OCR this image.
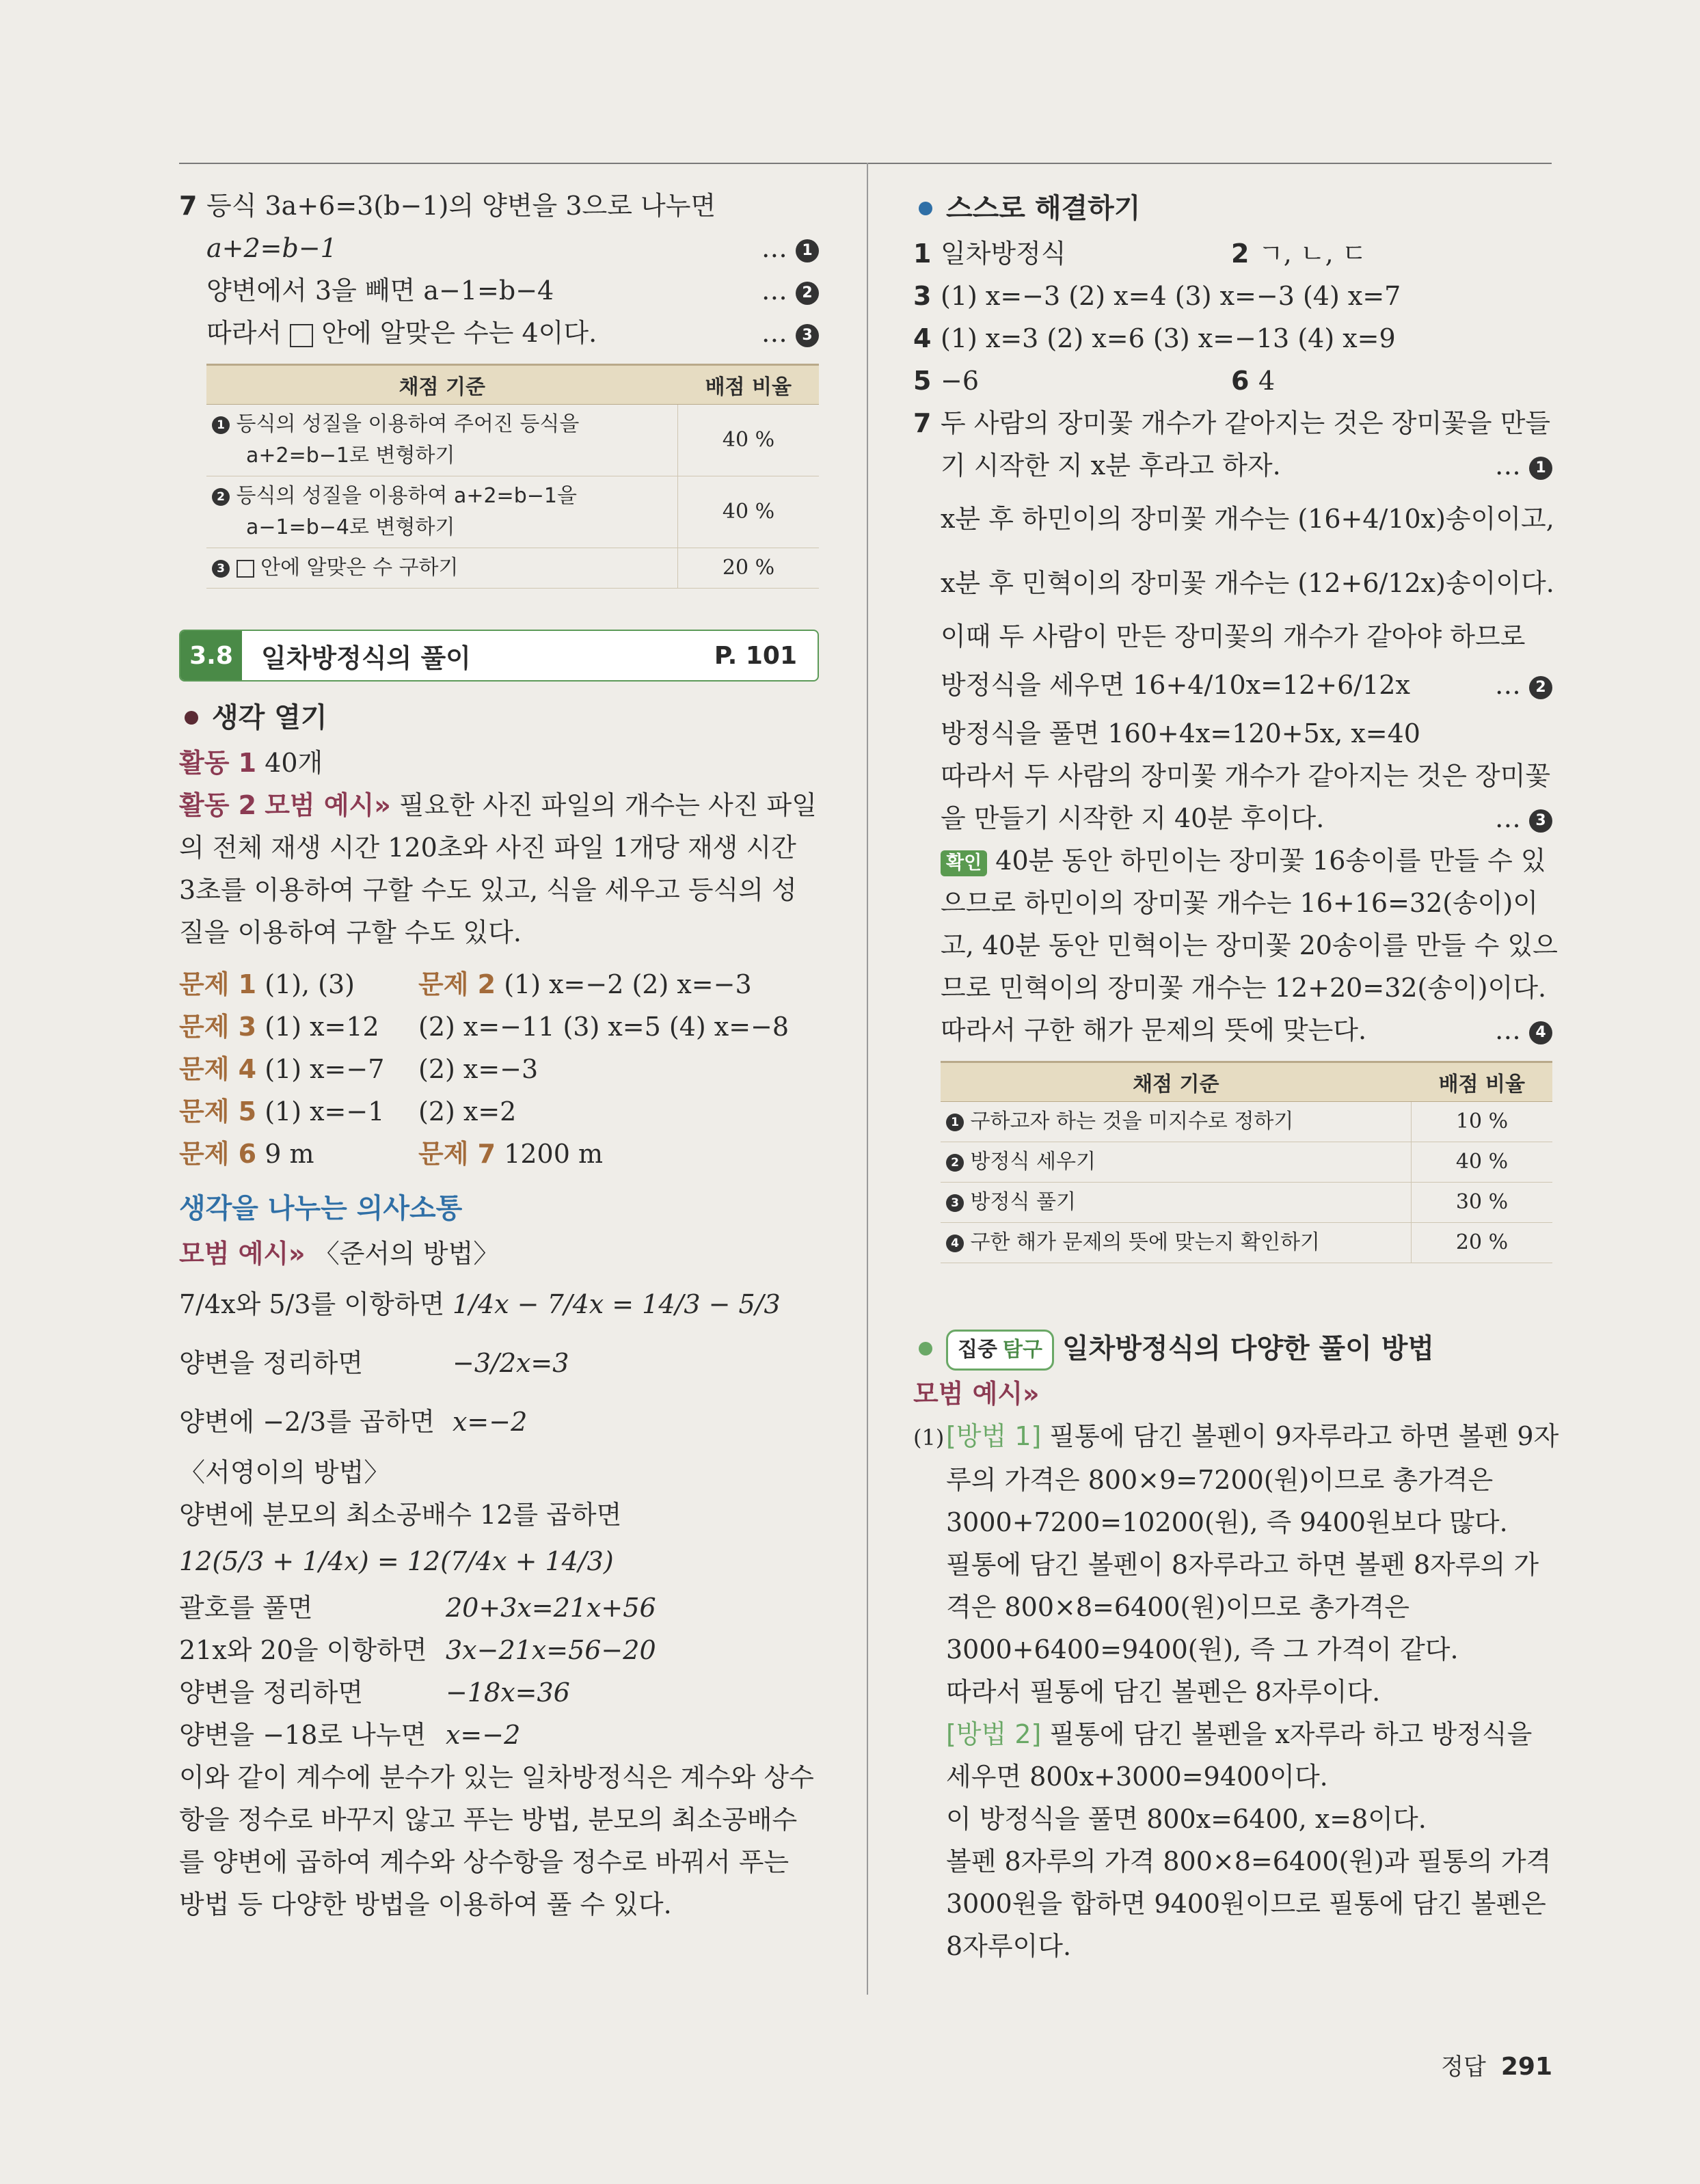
7 등식 3a+6=3(b−1)의 양변을 3으로 나누면
a+2=b−1	… 1
양변에서 3을 빼면 a−1=b−4	… 2
따라서 안에 알맞은 수는 4이다.	… 3
채점 기준	배점 비율
1 등식의 성질을 이용하여 주어진 등식을
a+2=b−1로 변형하기	40 %
2 등식의 성질을 이용하여 a+2=b−1을
a−1=b−4로 변형하기	40 %
3 안에 알맞은 수 구하기	20 %
3.8	일차방정식의 풀이	P. 101
생각 열기
활동 1 40개
활동 2 모범 예시» 필요한 사진 파일의 개수는 사진 파일
의 전체 재생 시간 120초와 사진 파일 1개당 재생 시간
3초를 이용하여 구할 수도 있고, 식을 세우고 등식의 성
질을 이용하여 구할 수도 있다.
문제 1 (1), (3)	문제 2 (1) x=−2 (2) x=−3
문제 3 (1) x=12	(2) x=−11 (3) x=5 (4) x=−8
문제 4 (1) x=−7	(2) x=−3
문제 5 (1) x=−1	(2) x=2
문제 6 9 m	문제 7 1200 m
생각을 나누는 의사소통
모범 예시» 〈준서의 방법〉
7/4x와 5/3를 이항하면 1/4x − 7/4x = 14/3 − 5/3
양변을 정리하면	−3/2x=3
양변에 −2/3를 곱하면 x=−2
〈서영이의 방법〉
양변에 분모의 최소공배수 12를 곱하면
12(5/3 + 1/4x) = 12(7/4x + 14/3)
괄호를 풀면	20+3x=21x+56
21x와 20을 이항하면 3x−21x=56−20
양변을 정리하면	−18x=36
양변을 −18로 나누면 x=−2
이와 같이 계수에 분수가 있는 일차방정식은 계수와 상수
항을 정수로 바꾸지 않고 푸는 방법, 분모의 최소공배수
를 양변에 곱하여 계수와 상수항을 정수로 바꿔서 푸는
방법 등 다양한 방법을 이용하여 풀 수 있다.
스스로 해결하기
1 일차방정식	2 ㄱ, ㄴ, ㄷ
3 (1) x=−3 (2) x=4 (3) x=−3 (4) x=7
4 (1) x=3 (2) x=6 (3) x=−13 (4) x=9
5 −6	6 4
7 두 사람의 장미꽃 개수가 같아지는 것은 장미꽃을 만들
기 시작한 지 x분 후라고 하자.	… 1
x분 후 하민이의 장미꽃 개수는 (16+4/10x)송이이고,
x분 후 민혁이의 장미꽃 개수는 (12+6/12x)송이이다.
이때 두 사람이 만든 장미꽃의 개수가 같아야 하므로
방정식을 세우면 16+4/10x=12+6/12x	… 2
방정식을 풀면 160+4x=120+5x, x=40
따라서 두 사람의 장미꽃 개수가 같아지는 것은 장미꽃
을 만들기 시작한 지 40분 후이다.	… 3
확인 40분 동안 하민이는 장미꽃 16송이를 만들 수 있
으므로 하민이의 장미꽃 개수는 16+16=32(송이)이
고, 40분 동안 민혁이는 장미꽃 20송이를 만들 수 있으
므로 민혁이의 장미꽃 개수는 12+20=32(송이)이다.
따라서 구한 해가 문제의 뜻에 맞는다.	… 4
채점 기준	배점 비율
1 구하고자 하는 것을 미지수로 정하기	10 %
2 방정식 세우기	40 %
3 방정식 풀기	30 %
4 구한 해가 문제의 뜻에 맞는지 확인하기	20 %
집중 탐구 일차방정식의 다양한 풀이 방법
모범 예시»
(1)[방법 1] 필통에 담긴 볼펜이 9자루라고 하면 볼펜 9자
루의 가격은 800×9=7200(원)이므로 총가격은
3000+7200=10200(원), 즉 9400원보다 많다.
필통에 담긴 볼펜이 8자루라고 하면 볼펜 8자루의 가
격은 800×8=6400(원)이므로 총가격은
3000+6400=9400(원), 즉 그 가격이 같다.
따라서 필통에 담긴 볼펜은 8자루이다.
[방법 2] 필통에 담긴 볼펜을 x자루라 하고 방정식을
세우면 800x+3000=9400이다.
이 방정식을 풀면 800x=6400, x=8이다.
볼펜 8자루의 가격 800×8=6400(원)과 필통의 가격
3000원을 합하면 9400원이므로 필통에 담긴 볼펜은
8자루이다.
정답 291
